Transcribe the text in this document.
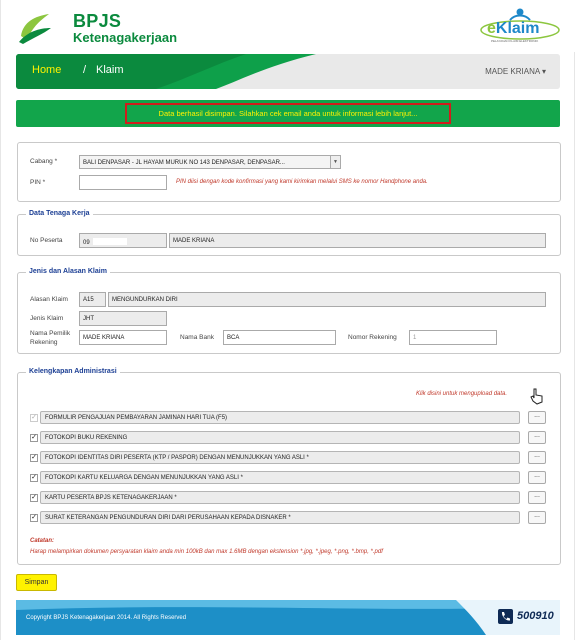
BPJS
Ketenagakerjaan
eKlaim
PELAYANAN KLAIM ELEKTRONIK
Home / Klaim	MADE KRIANA ▾
Data berhasil disimpan. Silahkan cek email anda untuk informasi lebih lanjut...
Cabang *	BALI DENPASAR - JL HAYAM MURUK NO 143 DENPASAR, DENPASAR...	▼
PIN *	PIN diisi dengan kode konfirmasi yang kami kirimkan melalui SMS ke nomor Handphone anda.
Data Tenaga Kerja
No Peserta	09	MADE KRIANA
Jenis dan Alasan Klaim
Alasan Klaim	A15	MENGUNDURKAN DIRI
Jenis Klaim	JHT
Nama Pemilik
Rekening
MADE KRIANA	Nama Bank	BCA	Nomor Rekening	1
Kelengkapan Administrasi
Klik disini untuk mengupload data.
✓	FORMULIR PENGAJUAN PEMBAYARAN JAMINAN HARI TUA (F5)	...
✓	FOTOKOPI BUKU REKENING	...
✓	FOTOKOPI IDENTITAS DIRI PESERTA (KTP / PASPOR) DENGAN MENUNJUKKAN YANG ASLI *	...
✓	FOTOKOPI KARTU KELUARGA DENGAN MENUNJUKKAN YANG ASLI *	...
✓	KARTU PESERTA BPJS KETENAGAKERJAAN *	...
✓	SURAT KETERANGAN PENGUNDURAN DIRI DARI PERUSAHAAN KEPADA DISNAKER *	...
Catatan:
Harap melampirkan dokumen persyaratan klaim anda min 100kB dan max 1.6MB dengan ekstension *.jpg, *.jpeg, *.png, *.bmp, *.pdf
Simpan
Copyright BPJS Ketenagakerjaan 2014. All Rights Reserved	500910
